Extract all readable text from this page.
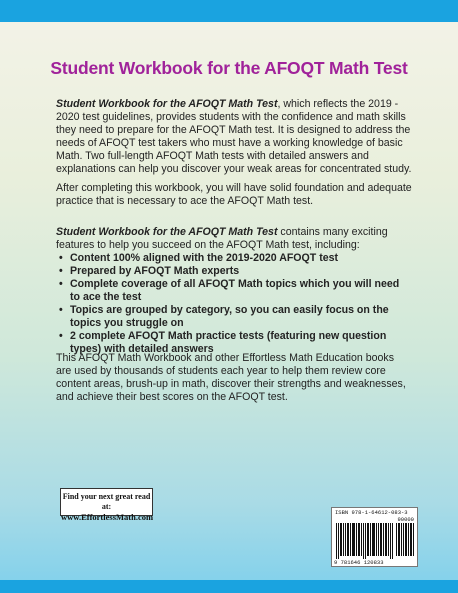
Student Workbook for the AFOQT Math Test

Student Workbook for the AFOQT Math Test, which reflects the 2019 - 2020 test guidelines, provides students with the confidence and math skills they need to prepare for the AFOQT Math test. It is designed to address the needs of AFOQT test takers who must have a working knowledge of basic Math. Two full-length AFOQT Math tests with detailed answers and explanations can help you discover your weak areas for concentrated study.

After completing this workbook, you will have solid foundation and adequate practice that is necessary to ace the AFOQT Math test.

Student Workbook for the AFOQT Math Test contains many exciting features to help you succeed on the AFOQT Math test, including:

• Content 100% aligned with the 2019-2020 AFOQT test
• Prepared by AFOQT Math experts
• Complete coverage of all AFOQT Math topics which you will need to ace the test
• Topics are grouped by category, so you can easily focus on the topics you struggle on
• 2 complete AFOQT Math practice tests (featuring new question types) with detailed answers

This AFOQT Math Workbook and other Effortless Math Education books are used by thousands of students each year to help them review core content areas, brush-up in math, discover their strengths and weaknesses, and achieve their best scores on the AFOQT test.

Find your next great read at:
www.EffortlessMath.com	ISBN 978-1-64612-083-3
90000
9 781646 120833
